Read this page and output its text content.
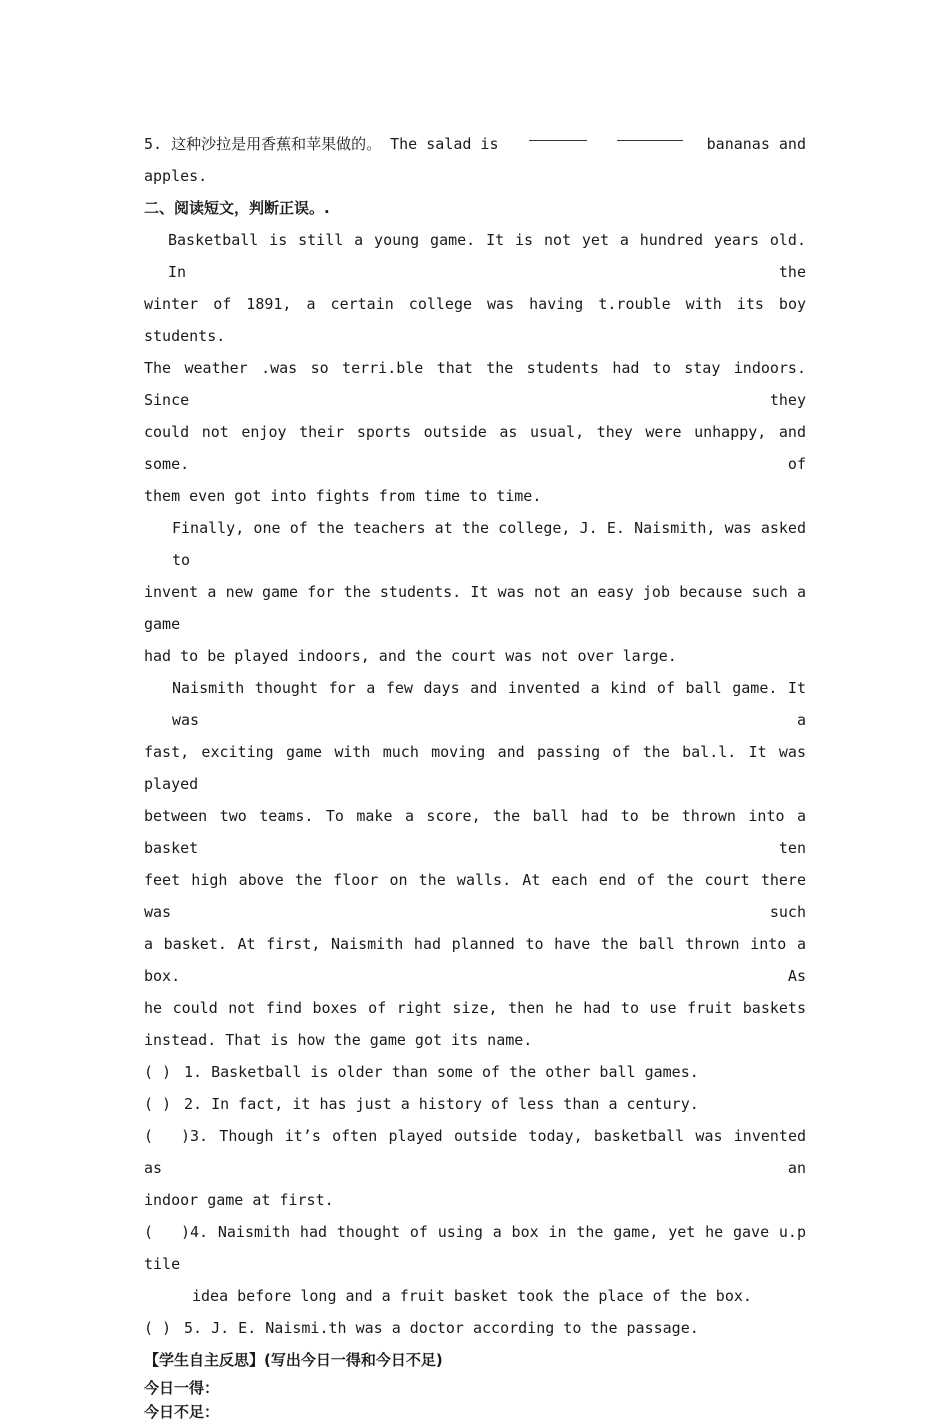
5. 这种沙拉是用香蕉和苹果做的。 The salad is	bananas and

apples.

二、阅读短文，判断正误。.

Basketball is still a young game. It is not yet a hundred years old. In the

winter of 1891, a certain college was having t.rouble with its boy students.

The weather .was so terri.ble that the students had to stay indoors. Since they

could not enjoy their sports outside as usual, they were unhappy, and some. of

them even got into fights from time to time.

Finally, one of the teachers at the college, J. E. Naismith, was asked to

invent a new game for the students. It was not an easy job because such a game

had to be played indoors, and the court was not over large.

Naismith thought for a few days and invented a kind of ball game. It was a

fast, exciting game with much moving and passing of the bal.l. It was played

between two teams. To make a score, the ball had to be thrown into a basket ten

feet high above the floor on the walls. At each end of the court there was such

a basket. At first, Naismith had planned to have the ball thrown into a box. As

he could not find boxes of right size, then he had to use fruit baskets

instead. That is how the game got its name.

( ) 1. Basketball is older than some of the other ball games.

( ) 2. In fact, it has just a history of less than a century.

( )3. Though it’s often played outside today, basketball was invented as an

indoor game at first.

( )4. Naismith had thought of using a box in the game, yet he gave u.p tile

idea before long and a fruit basket took the place of the box.

( ) 5. J. E. Naismi.th was a doctor according to the passage.

【学生自主反思】(写出今日一得和今日不足)

今日一得：

今日不足：
